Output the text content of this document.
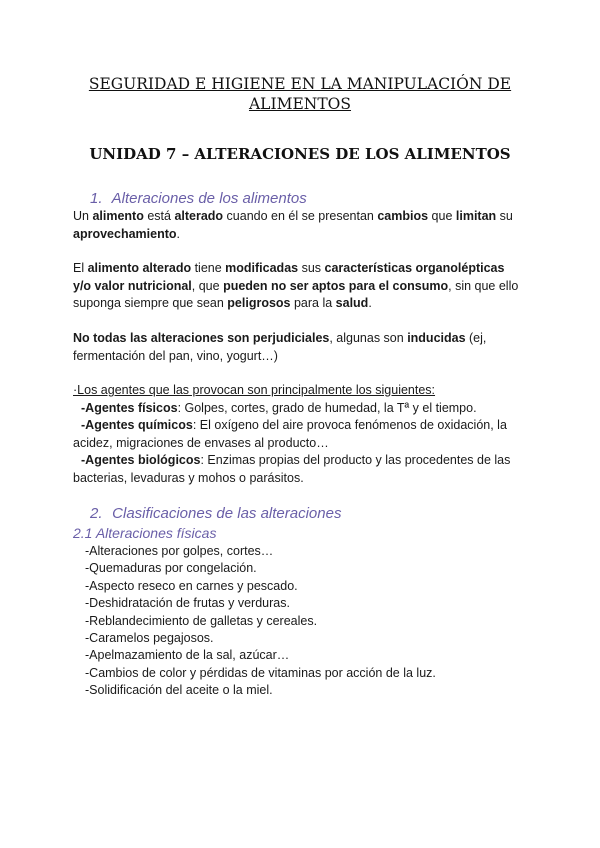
SEGURIDAD E HIGIENE EN LA MANIPULACIÓN DE
ALIMENTOS
UNIDAD 7 – ALTERACIONES DE LOS ALIMENTOS
1. Alteraciones de los alimentos

Un alimento está alterado cuando en él se presentan cambios que limitan su aprovechamiento.

El alimento alterado tiene modificadas sus características organolépticas y/o valor nutricional, que pueden no ser aptos para el consumo, sin que ello suponga siempre que sean peligrosos para la salud.

No todas las alteraciones son perjudiciales, algunas son inducidas (ej, fermentación del pan, vino, yogurt…)

·Los agentes que las provocan son principalmente los siguientes:
-Agentes físicos: Golpes, cortes, grado de humedad, la Tª y el tiempo.
-Agentes químicos: El oxígeno del aire provoca fenómenos de oxidación, la acidez, migraciones de envases al producto…
-Agentes biológicos: Enzimas propias del producto y las procedentes de las bacterias, levaduras y mohos o parásitos.

2. Clasificaciones de las alteraciones
2.1 Alteraciones físicas
-Alteraciones por golpes, cortes…
-Quemaduras por congelación.
-Aspecto reseco en carnes y pescado.
-Deshidratación de frutas y verduras.
-Reblandecimiento de galletas y cereales.
-Caramelos pegajosos.
-Apelmazamiento de la sal, azúcar…
-Cambios de color y pérdidas de vitaminas por acción de la luz.
-Solidificación del aceite o la miel.
